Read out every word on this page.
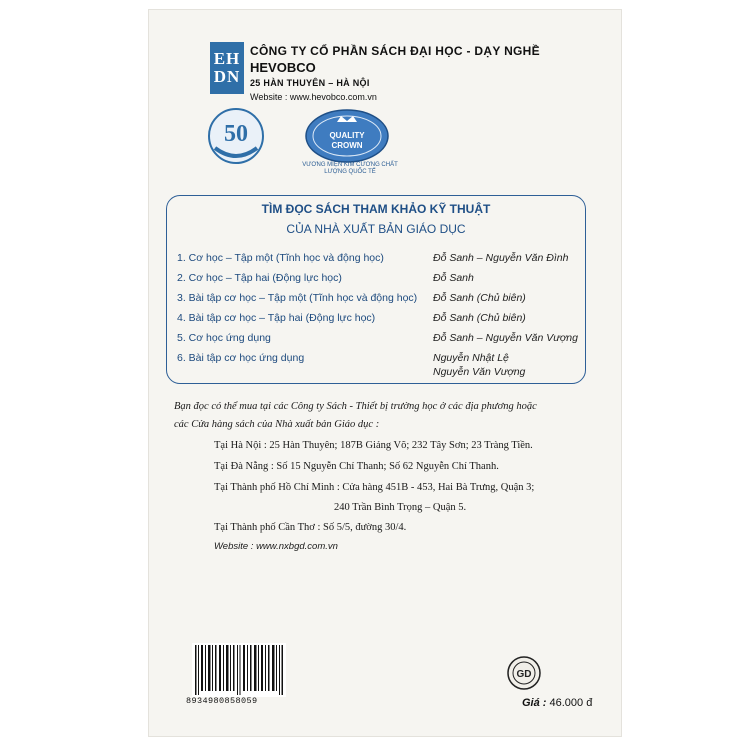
EH
DN
CÔNG TY CỔ PHẦN SÁCH ĐẠI HỌC - DẠY NGHỀ
HEVOBCO
25 HÀN THUYÊN – HÀ NỘI
Website : www.hevobco.com.vn
50	QUALITY
CROWN
VƯƠNG MIỆN KIM CƯƠNG CHẤT LƯỢNG QUỐC TẾ
TÌM ĐỌC SÁCH THAM KHẢO KỸ THUẬT
CỦA NHÀ XUẤT BẢN GIÁO DỤC
1. Cơ học – Tập một (Tĩnh học và động học)	Đỗ Sanh – Nguyễn Văn Đình
2. Cơ học – Tập hai (Động lực học)	Đỗ Sanh
3. Bài tập cơ học – Tập một (Tĩnh học và động học) Đỗ Sanh (Chủ biên)
4. Bài tập cơ học – Tập hai (Động lực học)	Đỗ Sanh (Chủ biên)
5. Cơ học ứng dụng	Đỗ Sanh – Nguyễn Văn Vượng
6. Bài tập cơ học ứng dụng	Nguyễn Nhật Lệ
Nguyễn Văn Vượng
Bạn đọc có thể mua tại các Công ty Sách - Thiết bị trường học ở các địa phương hoặc
các Cửa hàng sách của Nhà xuất bản Giáo dục :
Tại Hà Nội : 25 Hàn Thuyên; 187B Giảng Võ; 232 Tây Sơn; 23 Tràng Tiền.
Tại Đà Nẵng : Số 15 Nguyễn Chí Thanh; Số 62 Nguyễn Chí Thanh.
Tại Thành phố Hồ Chí Minh : Cửa hàng 451B - 453, Hai Bà Trưng, Quận 3;
240 Trần Bình Trọng – Quận 5.
Tại Thành phố Cần Thơ : Số 5/5, đường 30/4.
Website : www.nxbgd.com.vn
8934980858059
GD
Giá : 46.000 đ
